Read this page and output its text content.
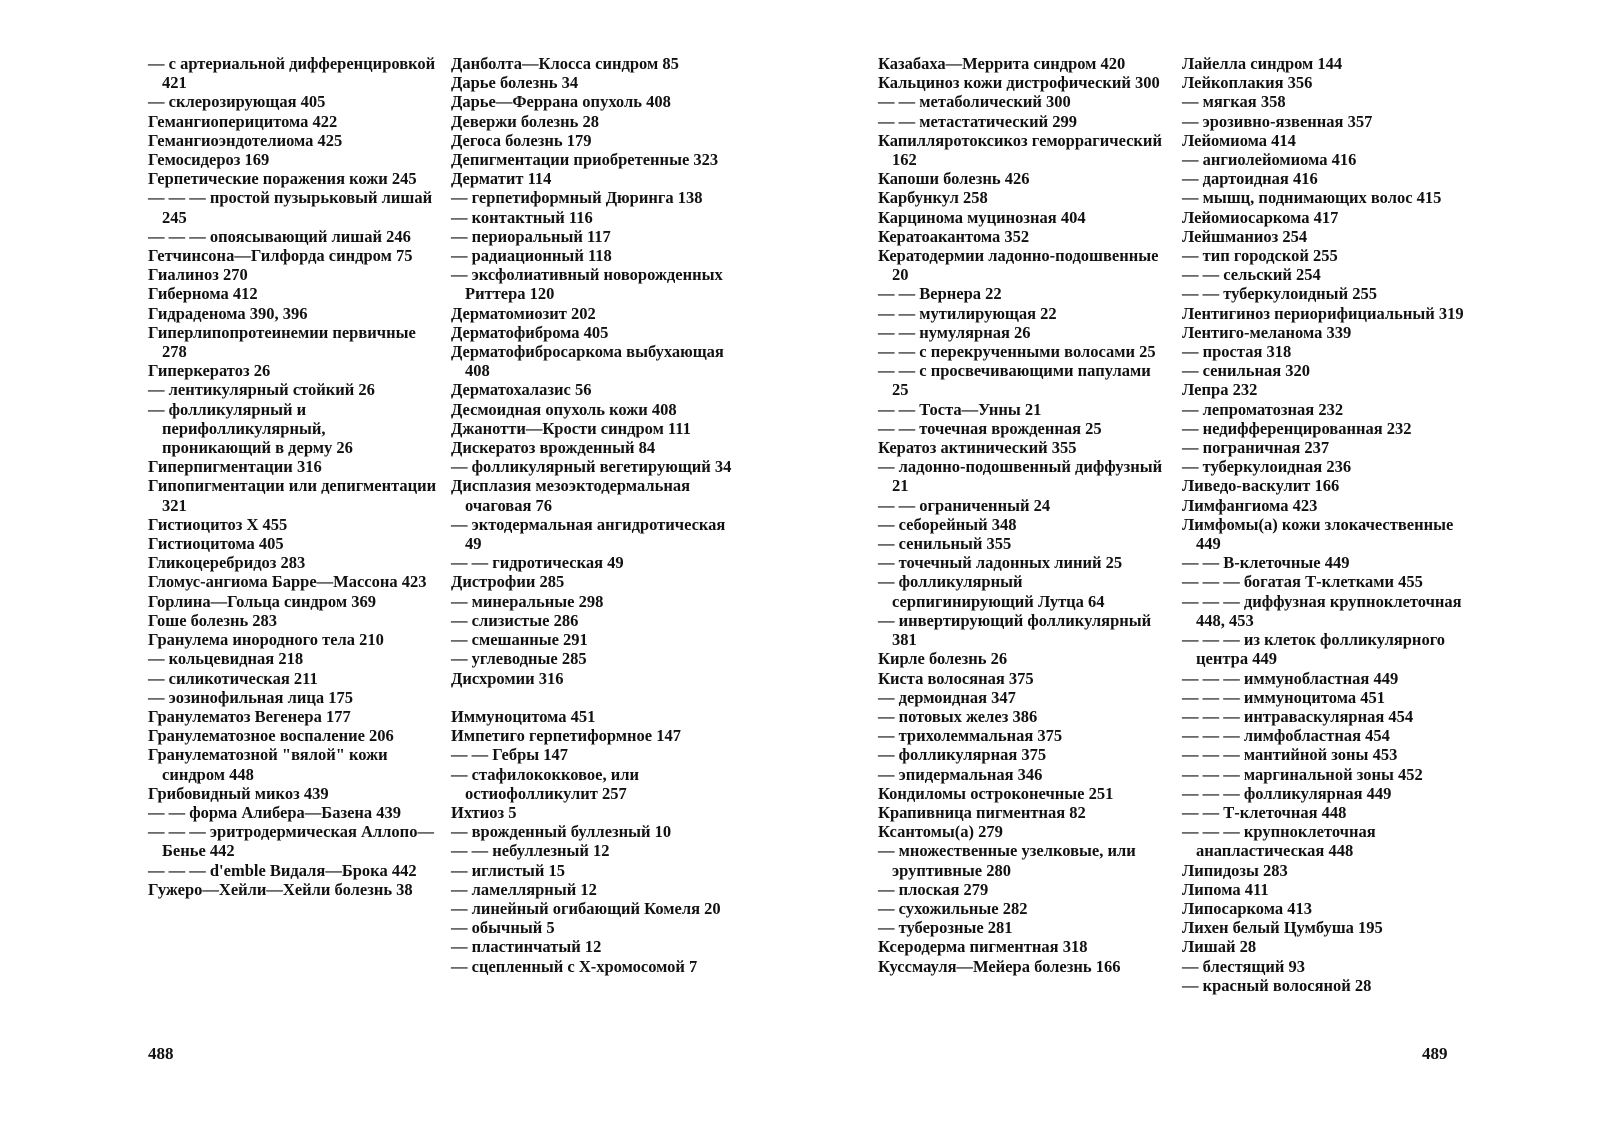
— с артериальной дифференцировкой 421
— склерозирующая 405
Гемангиоперицитома 422
Гемангиоэндотелиома 425
Гемосидероз 169
Герпетические поражения кожи 245
— — — простой пузырьковый лишай 245
— — — опоясывающий лишай 246
Гетчинсона—Гилфорда синдром 75
Гиалиноз 270
Гибернома 412
Гидраденома 390, 396
Гиперлипопротеинемии первичные 278
Гиперкератоз 26
— лентикулярный стойкий 26
— фолликулярный и перифолликулярный, проникающий в дерму 26
Гиперпигментации 316
Гипопигментации или депигментации 321
Гистиоцитоз X 455
Гистиоцитома 405
Гликоцеребридоз 283
Гломус-ангиома Барре—Массона 423
Горлина—Гольца синдром 369
Гоше болезнь 283
Гранулема инородного тела 210
— кольцевидная 218
— силикотическая 211
— эозинофильная лица 175
Гранулематоз Вегенера 177
Гранулематозное воспаление 206
Гранулематозной "вялой" кожи синдром 448
Грибовидный микоз 439
— — форма Алибера—Базена 439
— — — эритродермическая Аллопо—Бенье 442
— — — d'emble Видаля—Брока 442
Гужеро—Хейли—Хейли болезнь 38
Данболта—Клосса синдром 85
Дарье болезнь 34
Дарье—Феррана опухоль 408
Девержи болезнь 28
Дегоса болезнь 179
Депигментации приобретенные 323
Дерматит 114
— герпетиформный Дюринга 138
— контактный 116
— периоральный 117
— радиационный 118
— эксфолиативный новорожденных Риттера 120
Дерматомиозит 202
Дерматофиброма 405
Дерматофибросаркома выбухающая 408
Дерматохалазис 56
Десмоидная опухоль кожи 408
Джанотти—Крости синдром 111
Дискератоз врожденный 84
— фолликулярный вегетирующий 34
Дисплазия мезоэктодермальная очаговая 76
— эктодермальная ангидротическая 49
— — гидротическая 49
Дистрофии 285
— минеральные 298
— слизистые 286
— смешанные 291
— углеводные 285
Дисхромии 316
Иммуноцитома 451
Импетиго герпетиформное 147
— — Гебры 147
— стафилококковое, или остиофолликулит 257
Ихтиоз 5
— врожденный буллезный 10
— — небуллезный 12
— иглистый 15
— ламеллярный 12
— линейный огибающий Комеля 20
— обычный 5
— пластинчатый 12
— сцепленный с X-хромосомой 7
Казабаха—Меррита синдром 420
Кальциноз кожи дистрофический 300
— — метаболический 300
— — метастатический 299
Капилляротоксикоз геморрагический 162
Капоши болезнь 426
Карбункул 258
Карцинома муцинозная 404
Кератоакантома 352
Кератодермии ладонно-подошвенные 20
— — Вернера 22
— — мутилирующая 22
— — нумулярная 26
— — с перекрученными волосами 25
— — с просвечивающими папулами 25
— — Тоста—Унны 21
— — точечная врожденная 25
Кератоз актинический 355
— ладонно-подошвенный диффузный 21
— — ограниченный 24
— себорейный 348
— сенильный 355
— точечный ладонных линий 25
— фолликулярный серпигинирующий Лутца 64
— инвертирующий фолликулярный 381
Кирле болезнь 26
Киста волосяная 375
— дермоидная 347
— потовых желез 386
— трихолеммальная 375
— фолликулярная 375
— эпидермальная 346
Кондиломы остроконечные 251
Крапивница пигментная 82
Ксантомы(а) 279
— множественные узелковые, или эруптивные 280
— плоская 279
— сухожильные 282
— туберозные 281
Ксеродерма пигментная 318
Куссмауля—Мейера болезнь 166
Лайелла синдром 144
Лейкоплакия 356
— мягкая 358
— эрозивно-язвенная 357
Лейомиома 414
— ангиолейомиома 416
— дартоидная 416
— мышц, поднимающих волос 415
Лейомиосаркома 417
Лейшманиоз 254
— тип городской 255
— — сельский 254
— — туберкулоидный 255
Лентигиноз периорифициальный 319
Лентиго-меланома 339
— простая 318
— сенильная 320
Лепра 232
— лепроматозная 232
— недифференцированная 232
— пограничная 237
— туберкулоидная 236
Ливедо-васкулит 166
Лимфангиома 423
Лимфомы(а) кожи злокачественные 449
— — B-клеточные 449
— — — богатая Т-клетками 455
— — — диффузная крупноклеточная 448, 453
— — — из клеток фолликулярного центра 449
— — — иммунобластная 449
— — — иммуноцитома 451
— — — интраваскулярная 454
— — — лимфобластная 454
— — — мантийной зоны 453
— — — маргинальной зоны 452
— — — фолликулярная 449
— — Т-клеточная 448
— — — крупноклеточная анапластическая 448
Липидозы 283
Липома 411
Липосаркома 413
Лихен белый Цумбуша 195
Лишай 28
— блестящий 93
— красный волосяной 28
488	489
